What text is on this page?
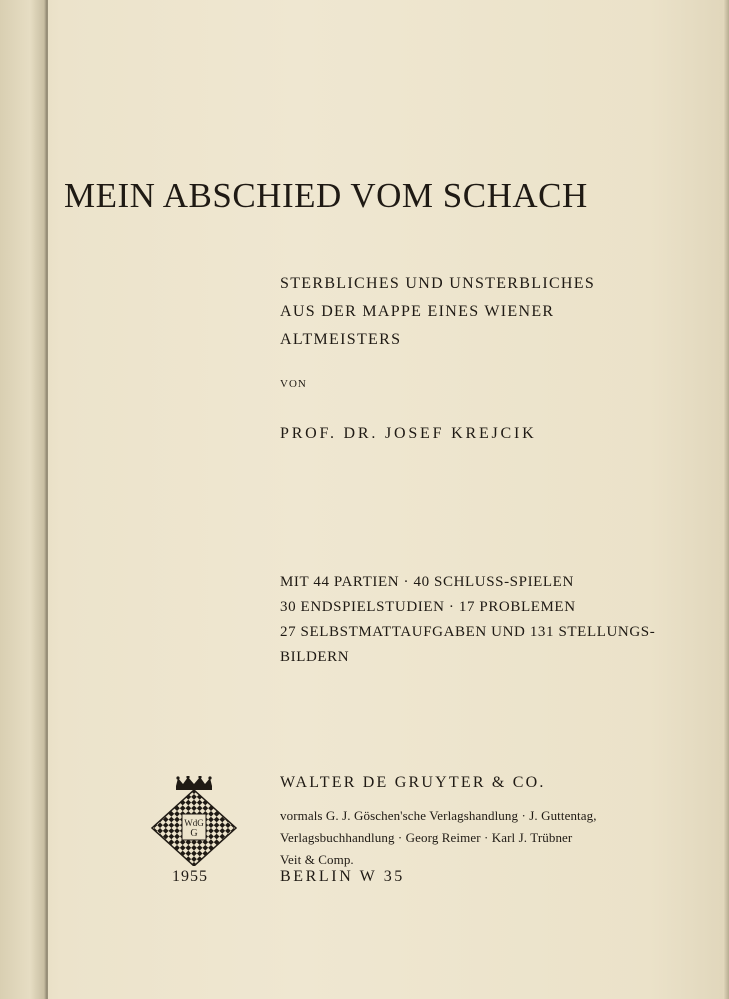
MEIN ABSCHIED VOM SCHACH
STERBLICHES UND UNSTERBLICHES
AUS DER MAPPE EINES WIENER
ALTMEISTERS
VON
PROF. DR. JOSEF KREJCIK
MIT 44 PARTIEN · 40 SCHLUSS-SPIELEN
30 ENDSPIELSTUDIEN · 17 PROBLEMEN
27 SELBSTMATTAUFGABEN UND 131 STELLUNGS-
BILDERN
WdG
G
1955
WALTER DE GRUYTER & CO.
vormals G. J. Göschen'sche Verlagshandlung · J. Guttentag,
Verlagsbuchhandlung · Georg Reimer · Karl J. Trübner
Veit & Comp.
BERLIN W 35
